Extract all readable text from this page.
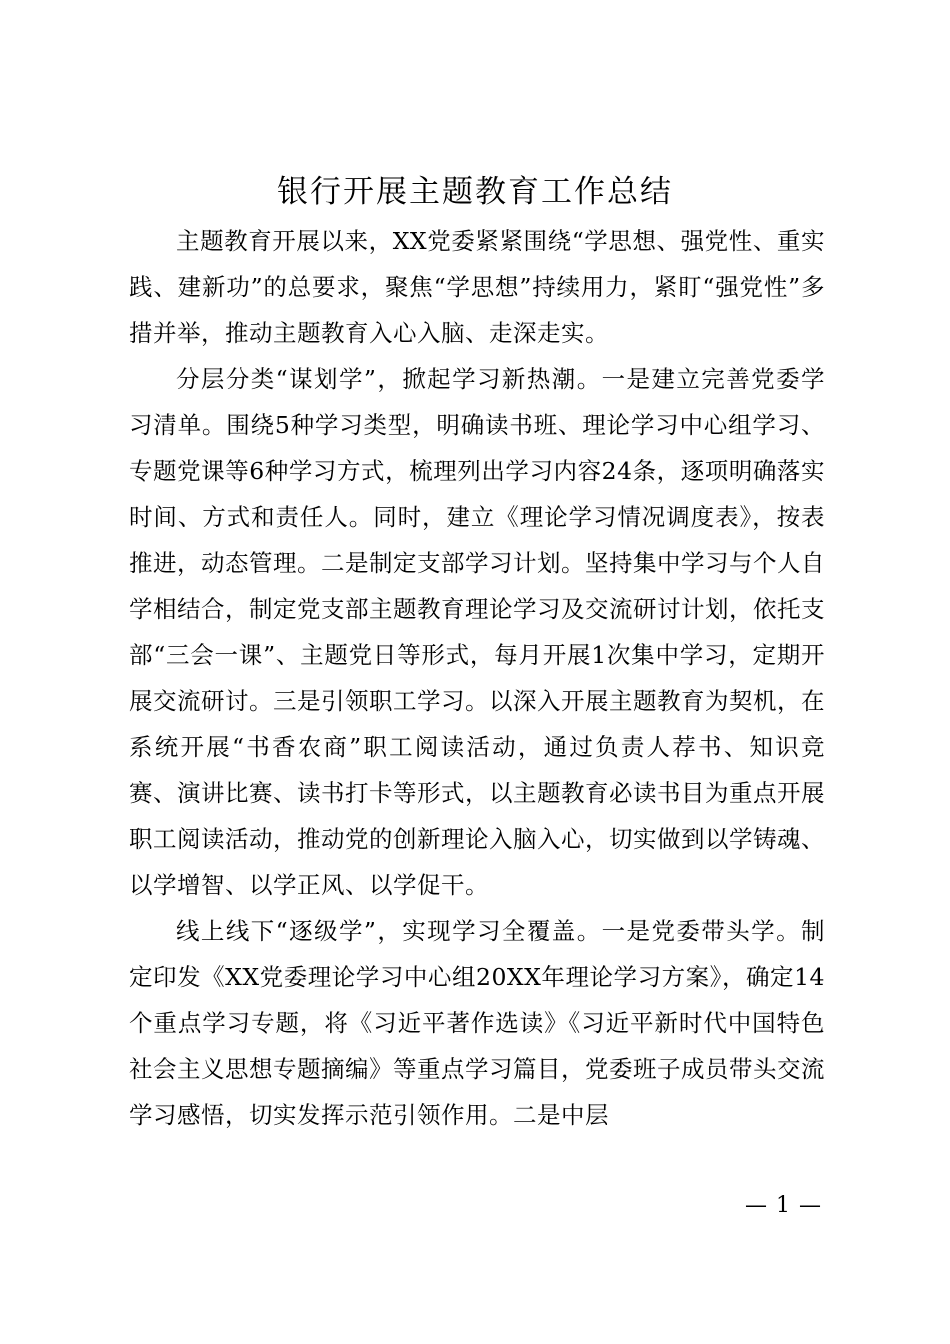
银行开展主题教育工作总结

主题教育开展以来，XX党委紧紧围绕“学思想、强党性、重实践、建新功”的总要求，聚焦“学思想”持续用力，紧盯“强党性”多措并举，推动主题教育入心入脑、走深走实。

分层分类“谋划学”，掀起学习新热潮。一是建立完善党委学习清单。围绕5种学习类型，明确读书班、理论学习中心组学习、专题党课等6种学习方式，梳理列出学习内容24条，逐项明确落实时间、方式和责任人。同时，建立《理论学习情况调度表》，按表推进，动态管理。二是制定支部学习计划。坚持集中学习与个人自学相结合，制定党支部主题教育理论学习及交流研讨计划，依托支部“三会一课”、主题党日等形式，每月开展1次集中学习，定期开展交流研讨。三是引领职工学习。以深入开展主题教育为契机，在系统开展“书香农商”职工阅读活动，通过负责人荐书、知识竞赛、演讲比赛、读书打卡等形式，以主题教育必读书目为重点开展职工阅读活动，推动党的创新理论入脑入心，切实做到以学铸魂、以学增智、以学正风、以学促干。

线上线下“逐级学”，实现学习全覆盖。一是党委带头学。制定印发《XX党委理论学习中心组20XX年理论学习方案》，确定14个重点学习专题，将《习近平著作选读》《习近平新时代中国特色社会主义思想专题摘编》等重点学习篇目，党委班子成员带头交流学习感悟，切实发挥示范引领作用。二是中层

— 1 —
